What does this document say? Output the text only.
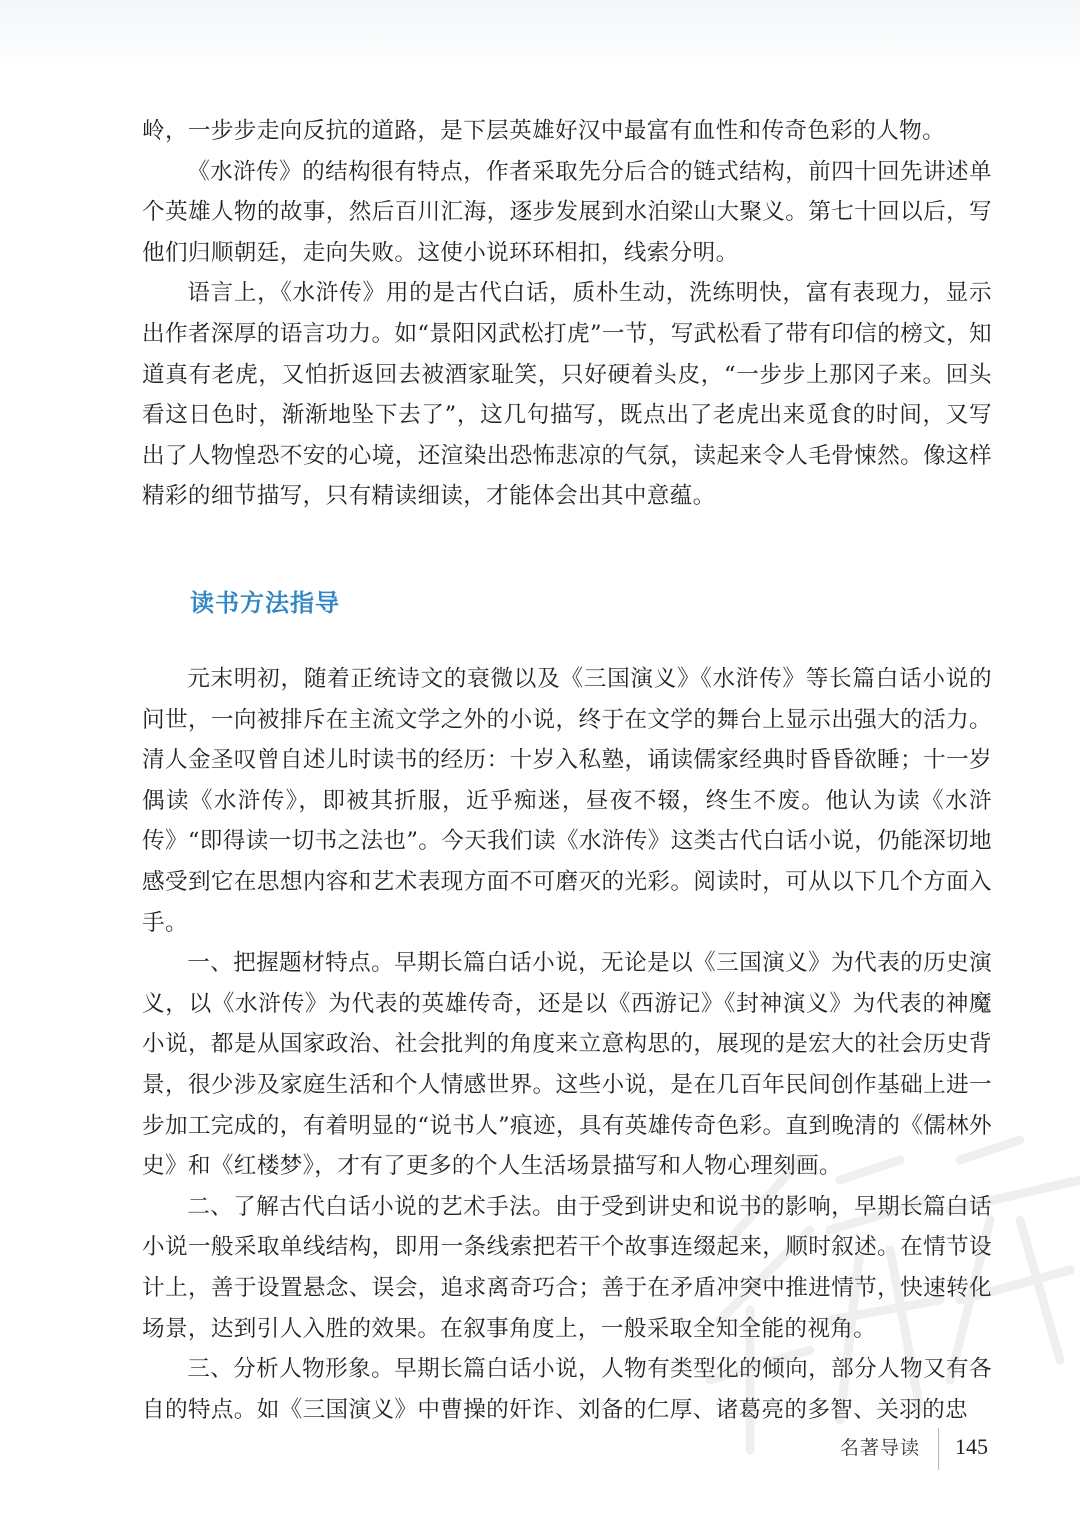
岭，一步步走向反抗的道路，是下层英雄好汉中最富有血性和传奇色彩的人物。

《水浒传》的结构很有特点，作者采取先分后合的链式结构，前四十回先讲述单个英雄人物的故事，然后百川汇海，逐步发展到水泊梁山大聚义。第七十回以后，写他们归顺朝廷，走向失败。这使小说环环相扣，线索分明。

语言上，《水浒传》用的是古代白话，质朴生动，洗练明快，富有表现力，显示出作者深厚的语言功力。如“景阳冈武松打虎”一节，写武松看了带有印信的榜文，知道真有老虎，又怕折返回去被酒家耻笑，只好硬着头皮，“一步步上那冈子来。回头看这日色时，渐渐地坠下去了”，这几句描写，既点出了老虎出来觅食的时间，又写出了人物惶恐不安的心境，还渲染出恐怖悲凉的气氛，读起来令人毛骨悚然。像这样精彩的细节描写，只有精读细读，才能体会出其中意蕴。

读书方法指导

元末明初，随着正统诗文的衰微以及《三国演义》《水浒传》等长篇白话小说的问世，一向被排斥在主流文学之外的小说，终于在文学的舞台上显示出强大的活力。清人金圣叹曾自述儿时读书的经历：十岁入私塾，诵读儒家经典时昏昏欲睡；十一岁偶读《水浒传》，即被其折服，近乎痴迷，昼夜不辍，终生不废。他认为读《水浒传》“即得读一切书之法也”。今天我们读《水浒传》这类古代白话小说，仍能深切地感受到它在思想内容和艺术表现方面不可磨灭的光彩。阅读时，可从以下几个方面入手。

一、把握题材特点。早期长篇白话小说，无论是以《三国演义》为代表的历史演义，以《水浒传》为代表的英雄传奇，还是以《西游记》《封神演义》为代表的神魔小说，都是从国家政治、社会批判的角度来立意构思的，展现的是宏大的社会历史背景，很少涉及家庭生活和个人情感世界。这些小说，是在几百年民间创作基础上进一步加工完成的，有着明显的“说书人”痕迹，具有英雄传奇色彩。直到晚清的《儒林外史》和《红楼梦》，才有了更多的个人生活场景描写和人物心理刻画。

二、了解古代白话小说的艺术手法。由于受到讲史和说书的影响，早期长篇白话小说一般采取单线结构，即用一条线索把若干个故事连缀起来，顺时叙述。在情节设计上，善于设置悬念、误会，追求离奇巧合；善于在矛盾冲突中推进情节，快速转化场景，达到引人入胜的效果。在叙事角度上，一般采取全知全能的视角。

三、分析人物形象。早期长篇白话小说，人物有类型化的倾向，部分人物又有各自的特点。如《三国演义》中曹操的奸诈、刘备的仁厚、诸葛亮的多智、关羽的忠

名著导读 145
